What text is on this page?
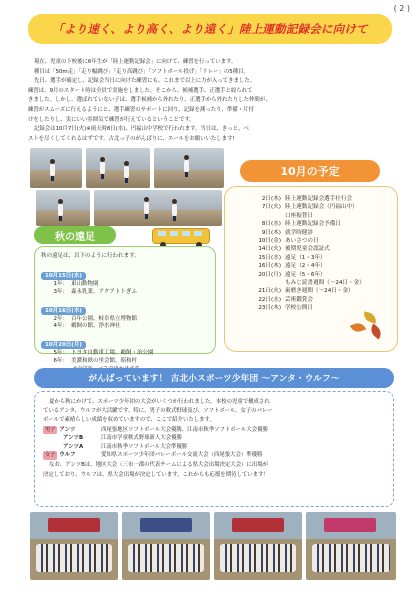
( 2 )
「より速く、より高く、より遠く」陸上運動記録会に向けて

現在、児童の下校後に6年生が「陸上運動記録会」に向けて、練習を行っています。

種目は「50m走」「走り幅跳び」「走り高跳び」「ソフトボール投げ」「リレー」の5種目。

先日、選手が確定し、記録会当日に向けた練習にも、これまで以上に力が入ってきました。

練習は、9月のスタート時は全員で実施をしました。そこから、候補選手、正選手と絞られて

きました。しかし、選ばれていない子は、選手候補から外れたり、正選手から外れたりした仲間が、

練習がスムーズに行えるようにと、選手練習のサポートに回り、記録を測ったり、準備・片付

けをしたりし、実にいい雰囲気で練習が行えているということです。

記録会は10月7日(火)※雨天時8日(水)、円福山中学校で行われます。当日は、きっと、べ

ストを尽くしてくれるはずです。古北っ子のがんばりに、エールをお願いいたします!

10月の予定
2日(木) 陸上運動記録会選手壮行会
7日(火) 陸上運動記録会（円福山中）
口座振替日
8日(水) 陸上運動記録会予備日
9日(木) 就学時健診
10日(金) あいさつの日
14日(火) 後期児童会認証式
15日(水) 遠足（1・3年）
16日(木) 遠足（2・4年）
20日(月) 遠足（5・6年）
もみじ読書週間（～24日・金）
21日(火) 歯磨き週間（～24日・金）
22日(水) 芸術鑑賞会
23日(木) 学校公開日
秋の遠足
秋の遠足は、以下のように行われます。
10月15日(水)
1年： 東山動物園
3年： 森永乳業、アクアトトぎふ
10月16日(木)
2年： 百年公園、岐阜県立博物館
4年： 鵜飼の館、浄水神社
10月20日(月)
5年： トヨタ自動車工場、鵜飼・治公園
6年： 美濃和紙の里会館、昭和村
がんばっています！ 古北小スポーツ少年団 ～アンタ・ウルフ～

夏から秋にかけて、スポーツ少年団の大会がいくつか行われました。本校の児童で構成され

ているアンタ、ウルフが大活躍です。特に、男子の軟式野球及び、ソフトボール、女子のバレー

ボールで素晴らしい成績を収めていますので、ここで紹介いたします。

男子 アンツ	西尾張地区ソフトボール大会優勝、江南市秋季ソフトボール大会優勝
アンツB	江南市学童軟式野球新人大会優勝
アンツA	江南市秋季ソフトボール大会準優勝
女子 ウルフ	愛知県スポーツ少年団バレーボール交流大会（西尾張大会）準優勝

なお、アンツBは、地区大会（三市一郡の代表チームによる県大会出場決定大会）に出場が

決定しており、ウルフは、県大会出場が決定しています。これからも応援を期待しています！
